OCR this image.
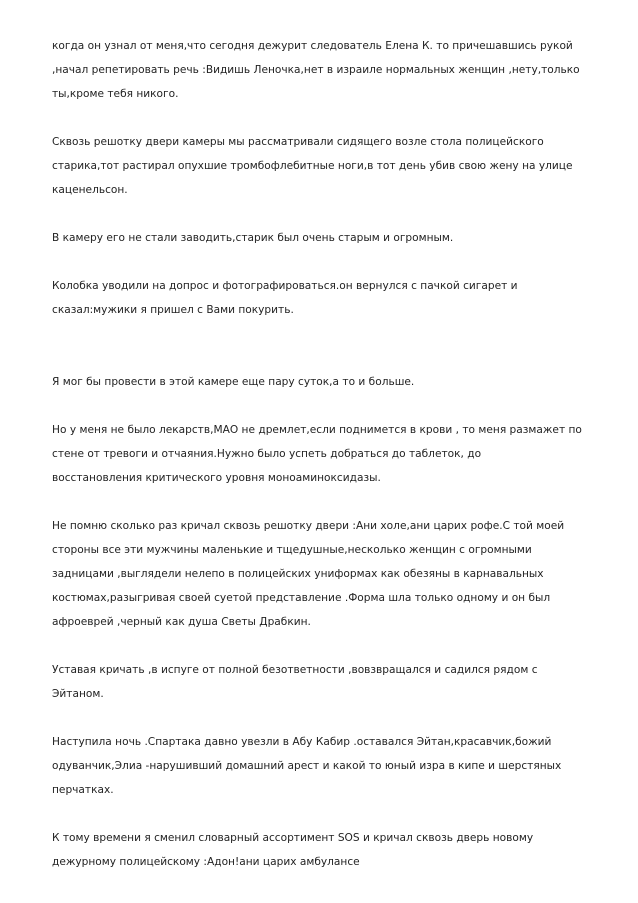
когда он узнал от меня,что сегодня дежурит следователь Елена К. то причешавшись рукой
,начал репетировать речь :Видишь Леночка,нет в израиле нормальных женщин ,нету,только
ты,кроме тебя никого.

Сквозь решотку двери камеры мы рассматривали сидящего возле стола полицейского
старика,тот растирал опухшие тромбофлебитные ноги,в тот день убив свою жену на улице
каценельсон.

В камеру его не стали заводить,старик был очень старым и огромным.

Колобка уводили на допрос и фотографироваться.он вернулся с пачкой сигарет и
сказал:мужики я пришел с Вами покурить.

Я мог бы провести в этой камере еще пару суток,а то и больше.

Но у меня не было лекарств,МАО не дремлет,если поднимется в крови , то меня размажет по
стене от тревоги и отчаяния.Нужно было успеть добраться до таблеток, до
восстановления критического уровня моноаминоксидазы.

Не помню сколько раз кричал сквозь решотку двери :Ани холе,ани царих рофе.С той моей
стороны все эти мужчины маленькие и тщедушные,несколько женщин с огромными
задницами ,выглядели нелепо в полицейских униформах как обезяны в карнавальных
костюмах,разыгривая своей суетой представление .Форма шла только одному и он был
афроеврей ,черный как душа Светы Драбкин.

Уставая кричать ,в испуге от полной безответности ,вовзвращался и садился рядом с
Эйтаном.

Наступила ночь .Спартака давно увезли в Абу Кабир .оставался Эйтан,красавчик,божий
одуванчик,Элиа -нарушивший домашний арест и какой то юный изра в кипе и шерстяных
перчатках.

К тому времени я сменил словарный ассортимент SOS и кричал сквозь дверь новому
дежурному полицейскому :Адон!ани царих амбулансе
